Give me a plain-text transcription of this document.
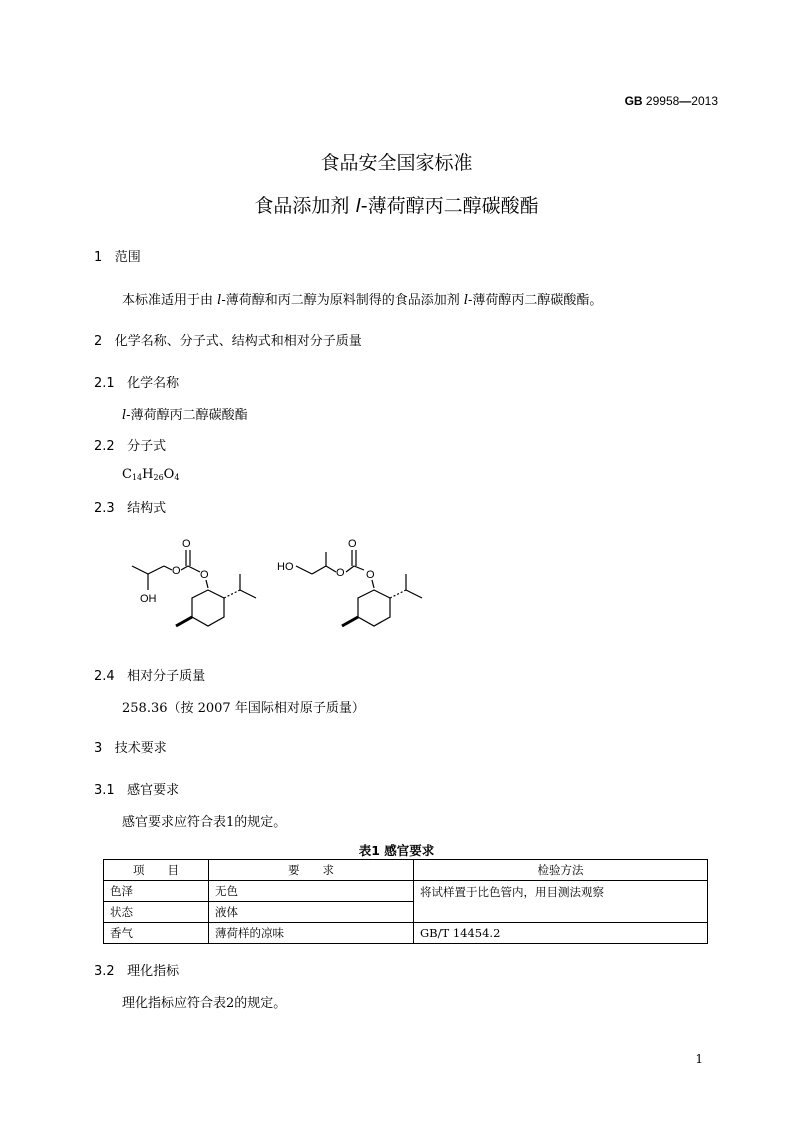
GB 29958—2013
食品安全国家标准
食品添加剂 l-薄荷醇丙二醇碳酸酯
1 范围
本标准适用于由 l-薄荷醇和丙二醇为原料制得的食品添加剂 l-薄荷醇丙二醇碳酸酯。
2 化学名称、分子式、结构式和相对分子质量
2.1 化学名称
l-薄荷醇丙二醇碳酸酯
2.2 分子式
$C_{14}H_{26}O_4$
2.3 结构式
O
O O
OH
HO
O
O O
2.4 相对分子质量
258.36（按 2007 年国际相对原子质量）
3 技术要求
3.1 感官要求
感官要求应符合表1的规定。
表1 感官要求
项　　目	要　　求	检验方法
色泽	无色	将试样置于比色管内，用目测法观察
状态	液体	
香气	薄荷样的凉味	GB/T 14454.2
3.2 理化指标
理化指标应符合表2的规定。
1
